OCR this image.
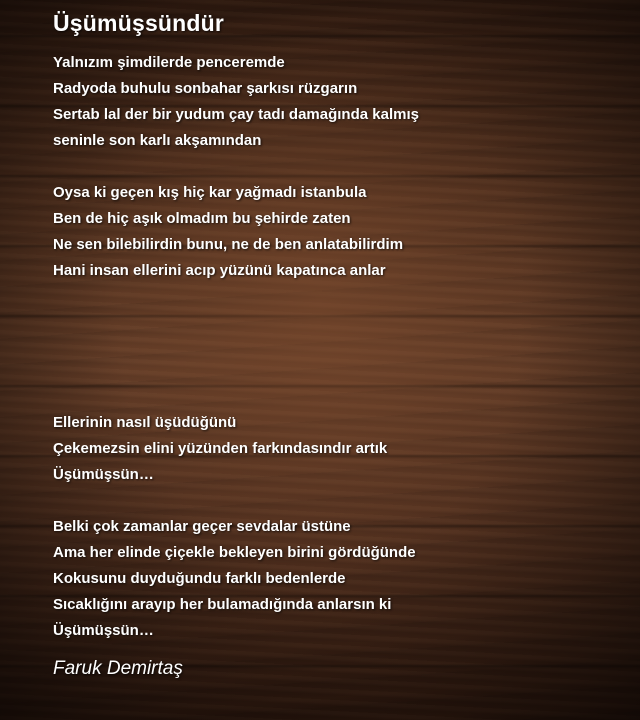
Üşümüşsündür
Yalnızım şimdilerde penceremde
Radyoda buhulu sonbahar şarkısı rüzgarın
Sertab lal der bir yudum çay tadı damağında kalmış
seninle son karlı akşamından
Oysa ki geçen kış hiç kar yağmadı istanbula
Ben de hiç aşık olmadım bu şehirde zaten
Ne sen bilebilirdin bunu, ne de ben anlatabilirdim
Hani insan ellerini acıp yüzünü kapatınca anlar
Ellerinin nasıl üşüdüğünü
Çekemezsin elini yüzünden farkındasındır artık
Üşümüşsün…
Belki çok zamanlar geçer sevdalar üstüne
Ama her elinde çiçekle bekleyen birini gördüğünde
Kokusunu duyduğundu farklı bedenlerde
Sıcaklığını arayıp her bulamadığında anlarsın ki
Üşümüşsün…
Faruk Demirtaş
